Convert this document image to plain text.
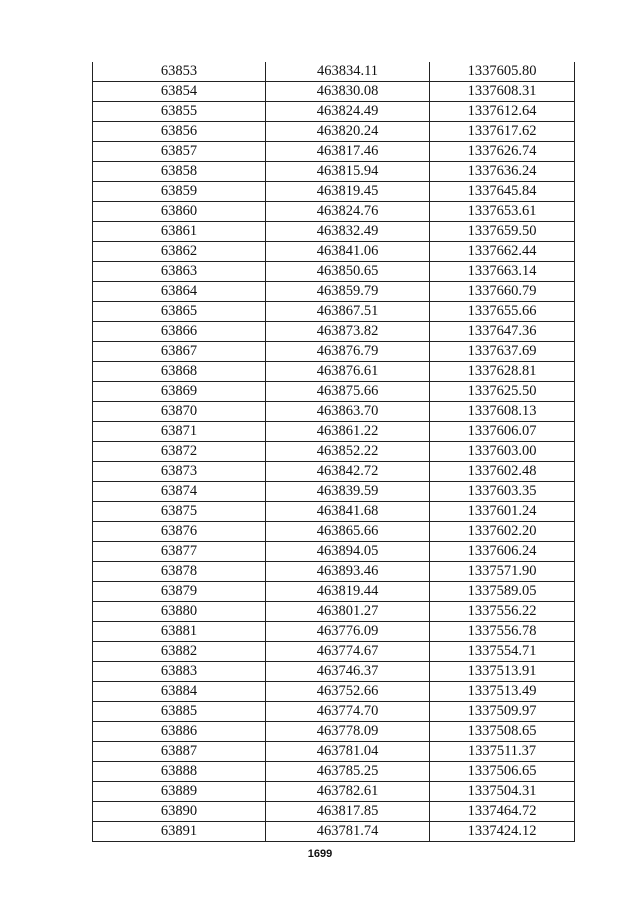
63853	463834.11	1337605.80
63854	463830.08	1337608.31
63855	463824.49	1337612.64
63856	463820.24	1337617.62
63857	463817.46	1337626.74
63858	463815.94	1337636.24
63859	463819.45	1337645.84
63860	463824.76	1337653.61
63861	463832.49	1337659.50
63862	463841.06	1337662.44
63863	463850.65	1337663.14
63864	463859.79	1337660.79
63865	463867.51	1337655.66
63866	463873.82	1337647.36
63867	463876.79	1337637.69
63868	463876.61	1337628.81
63869	463875.66	1337625.50
63870	463863.70	1337608.13
63871	463861.22	1337606.07
63872	463852.22	1337603.00
63873	463842.72	1337602.48
63874	463839.59	1337603.35
63875	463841.68	1337601.24
63876	463865.66	1337602.20
63877	463894.05	1337606.24
63878	463893.46	1337571.90
63879	463819.44	1337589.05
63880	463801.27	1337556.22
63881	463776.09	1337556.78
63882	463774.67	1337554.71
63883	463746.37	1337513.91
63884	463752.66	1337513.49
63885	463774.70	1337509.97
63886	463778.09	1337508.65
63887	463781.04	1337511.37
63888	463785.25	1337506.65
63889	463782.61	1337504.31
63890	463817.85	1337464.72
63891	463781.74	1337424.12
1699
